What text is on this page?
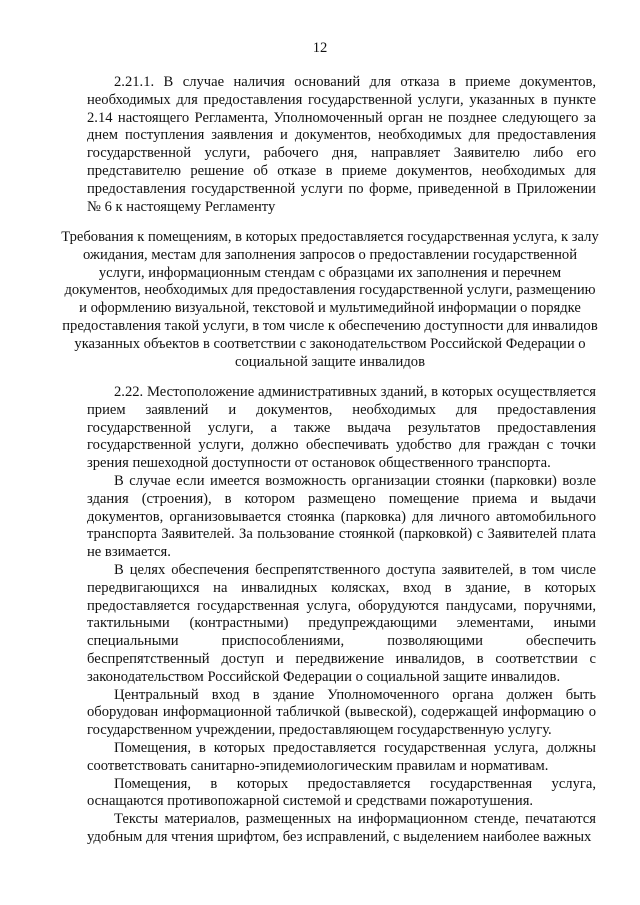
12

2.21.1. В случае наличия оснований для отказа в приеме документов, необходимых для предоставления государственной услуги, указанных в пункте 2.14 настоящего Регламента, Уполномоченный орган не позднее следующего за днем поступления заявления и документов, необходимых для предоставления государственной услуги, рабочего дня, направляет Заявителю либо его представителю решение об отказе в приеме документов, необходимых для предоставления государственной услуги по форме, приведенной в Приложении № 6 к настоящему Регламенту

Требования к помещениям, в которых предоставляется государственная услуга, к залу ожидания, местам для заполнения запросов о предоставлении государственной услуги, информационным стендам с образцами их заполнения и перечнем документов, необходимых для предоставления государственной услуги, размещению и оформлению визуальной, текстовой и мультимедийной информации о порядке предоставления такой услуги, в том числе к обеспечению доступности для инвалидов указанных объектов в соответствии с законодательством Российской Федерации о социальной защите инвалидов

2.22. Местоположение административных зданий, в которых осуществляется прием заявлений и документов, необходимых для предоставления государственной услуги, а также выдача результатов предоставления государственной услуги, должно обеспечивать удобство для граждан с точки зрения пешеходной доступности от остановок общественного транспорта.

В случае если имеется возможность организации стоянки (парковки) возле здания (строения), в котором размещено помещение приема и выдачи документов, организовывается стоянка (парковка) для личного автомобильного транспорта Заявителей. За пользование стоянкой (парковкой) с Заявителей плата не взимается.

В целях обеспечения беспрепятственного доступа заявителей, в том числе передвигающихся на инвалидных колясках, вход в здание, в которых предоставляется государственная услуга, оборудуются пандусами, поручнями, тактильными (контрастными) предупреждающими элементами, иными специальными приспособлениями, позволяющими обеспечить беспрепятственный доступ и передвижение инвалидов, в соответствии с законодательством Российской Федерации о социальной защите инвалидов.

Центральный вход в здание Уполномоченного органа должен быть оборудован информационной табличкой (вывеской), содержащей информацию о государственном учреждении, предоставляющем государственную услугу.

Помещения, в которых предоставляется государственная услуга, должны соответствовать санитарно-эпидемиологическим правилам и нормативам.

Помещения, в которых предоставляется государственная услуга, оснащаются противопожарной системой и средствами пожаротушения.

Тексты материалов, размещенных на информационном стенде, печатаются удобным для чтения шрифтом, без исправлений, с выделением наиболее важных
